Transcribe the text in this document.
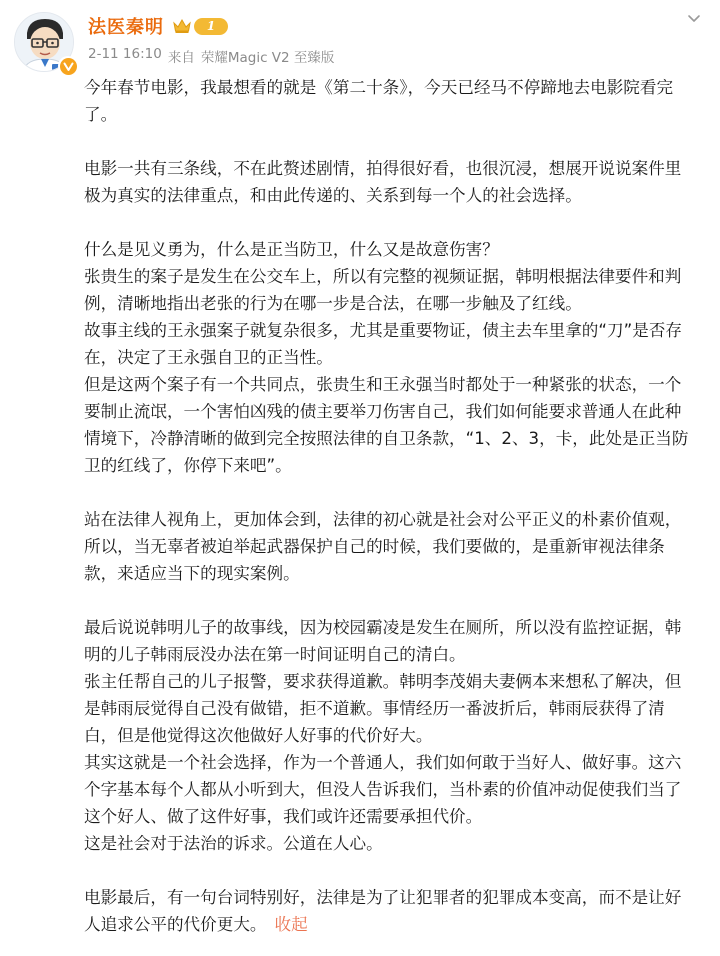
法医秦明	1
2-11 16:10 来自 荣耀Magic V2 至臻版
今年春节电影，我最想看的就是《第二十条》，今天已经马不停蹄地去电影院看完
了。
电影一共有三条线，不在此赘述剧情，拍得很好看，也很沉浸，想展开说说案件里
极为真实的法律重点，和由此传递的、关系到每一个人的社会选择。
什么是见义勇为，什么是正当防卫，什么又是故意伤害？
张贵生的案子是发生在公交车上，所以有完整的视频证据，韩明根据法律要件和判
例，清晰地指出老张的行为在哪一步是合法，在哪一步触及了红线。
故事主线的王永强案子就复杂很多，尤其是重要物证，债主去车里拿的“刀”是否存
在，决定了王永强自卫的正当性。
但是这两个案子有一个共同点，张贵生和王永强当时都处于一种紧张的状态，一个
要制止流氓，一个害怕凶残的债主要举刀伤害自己，我们如何能要求普通人在此种
情境下，冷静清晰的做到完全按照法律的自卫条款，“1、2、3，卡，此处是正当防
卫的红线了，你停下来吧”。
站在法律人视角上，更加体会到，法律的初心就是社会对公平正义的朴素价值观，
所以，当无辜者被迫举起武器保护自己的时候，我们要做的，是重新审视法律条
款，来适应当下的现实案例。
最后说说韩明儿子的故事线，因为校园霸凌是发生在厕所，所以没有监控证据，韩
明的儿子韩雨辰没办法在第一时间证明自己的清白。
张主任帮自己的儿子报警，要求获得道歉。韩明李茂娟夫妻俩本来想私了解决，但
是韩雨辰觉得自己没有做错，拒不道歉。事情经历一番波折后，韩雨辰获得了清
白，但是他觉得这次他做好人好事的代价好大。
其实这就是一个社会选择，作为一个普通人，我们如何敢于当好人、做好事。这六
个字基本每个人都从小听到大，但没人告诉我们，当朴素的价值冲动促使我们当了
这个好人、做了这件好事，我们或许还需要承担代价。
这是社会对于法治的诉求。公道在人心。
电影最后，有一句台词特别好，法律是为了让犯罪者的犯罪成本变高，而不是让好
人追求公平的代价更大。 收起
